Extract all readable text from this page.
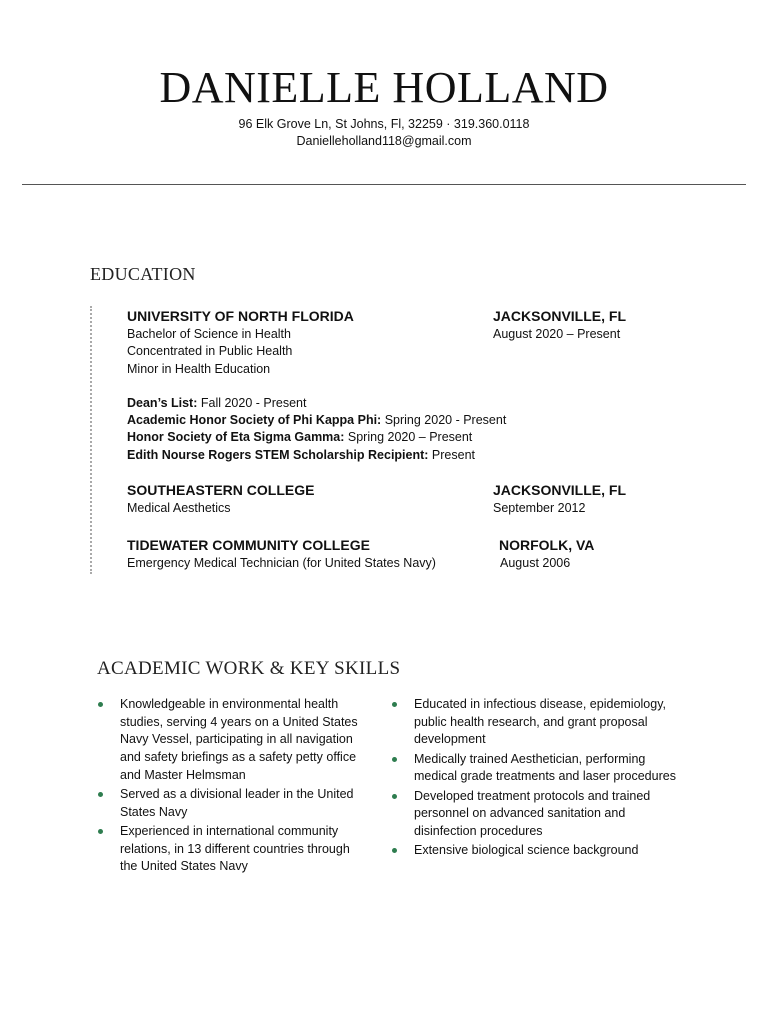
DANIELLE HOLLAND
96 Elk Grove Ln, St Johns, Fl, 32259 · 319.360.0118
Danielleholland118@gmail.com
EDUCATION
UNIVERSITY OF NORTH FLORIDA	JACKSONVILLE, FL
Bachelor of Science in Health	August 2020 – Present
Concentrated in Public Health
Minor in Health Education
Dean’s List: Fall 2020 - Present
Academic Honor Society of Phi Kappa Phi: Spring 2020 - Present
Honor Society of Eta Sigma Gamma: Spring 2020 – Present
Edith Nourse Rogers STEM Scholarship Recipient: Present
SOUTHEASTERN COLLEGE	JACKSONVILLE, FL
Medical Aesthetics	September 2012
TIDEWATER COMMUNITY COLLEGE	NORFOLK, VA
Emergency Medical Technician (for United States Navy)	August 2006
ACADEMIC WORK & KEY SKILLS
Knowledgeable in environmental health studies, serving 4 years on a United States Navy Vessel, participating in all navigation and safety briefings as a safety petty office and Master Helmsman
Served as a divisional leader in the United States Navy
Experienced in international community relations, in 13 different countries through the United States Navy
Educated in infectious disease, epidemiology, public health research, and grant proposal development
Medically trained Aesthetician, performing medical grade treatments and laser procedures
Developed treatment protocols and trained personnel on advanced sanitation and disinfection procedures
Extensive biological science background
